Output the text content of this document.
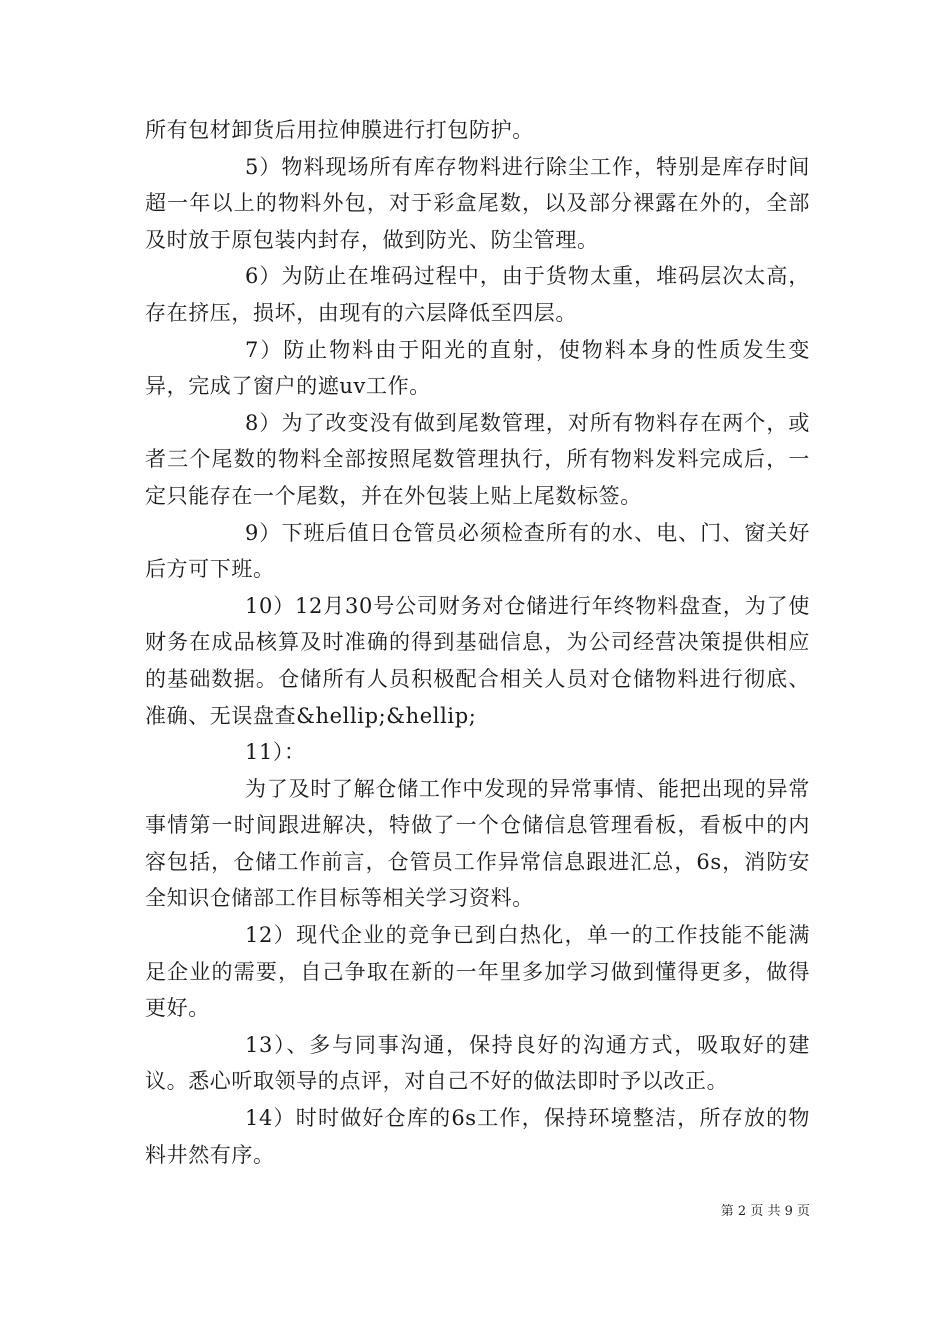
所有包材卸货后用拉伸膜进行打包防护。

5）物料现场所有库存物料进行除尘工作，特别是库存时间超一年以上的物料外包，对于彩盒尾数，以及部分裸露在外的，全部及时放于原包装内封存，做到防光、防尘管理。

6）为防止在堆码过程中，由于货物太重，堆码层次太高，存在挤压，损坏，由现有的六层降低至四层。

7）防止物料由于阳光的直射，使物料本身的性质发生变异，完成了窗户的遮uv工作。

8）为了改变没有做到尾数管理，对所有物料存在两个，或者三个尾数的物料全部按照尾数管理执行，所有物料发料完成后，一定只能存在一个尾数，并在外包装上贴上尾数标签。

9）下班后值日仓管员必须检查所有的水、电、门、窗关好后方可下班。

10）12月30号公司财务对仓储进行年终物料盘查，为了使财务在成品核算及时准确的得到基础信息，为公司经营决策提供相应的基础数据。仓储所有人员积极配合相关人员对仓储物料进行彻底、准确、无误盘查&hellip;&hellip;

11）：

为了及时了解仓储工作中发现的异常事情、能把出现的异常事情第一时间跟进解决，特做了一个仓储信息管理看板，看板中的内容包括，仓储工作前言，仓管员工作异常信息跟进汇总，6s，消防安全知识仓储部工作目标等相关学习资料。

12）现代企业的竞争已到白热化，单一的工作技能不能满足企业的需要，自己争取在新的一年里多加学习做到懂得更多，做得更好。

13）、多与同事沟通，保持良好的沟通方式，吸取好的建议。悉心听取领导的点评，对自己不好的做法即时予以改正。

14）时时做好仓库的6s工作，保持环境整洁，所存放的物料井然有序。

第 2 页 共 9 页
